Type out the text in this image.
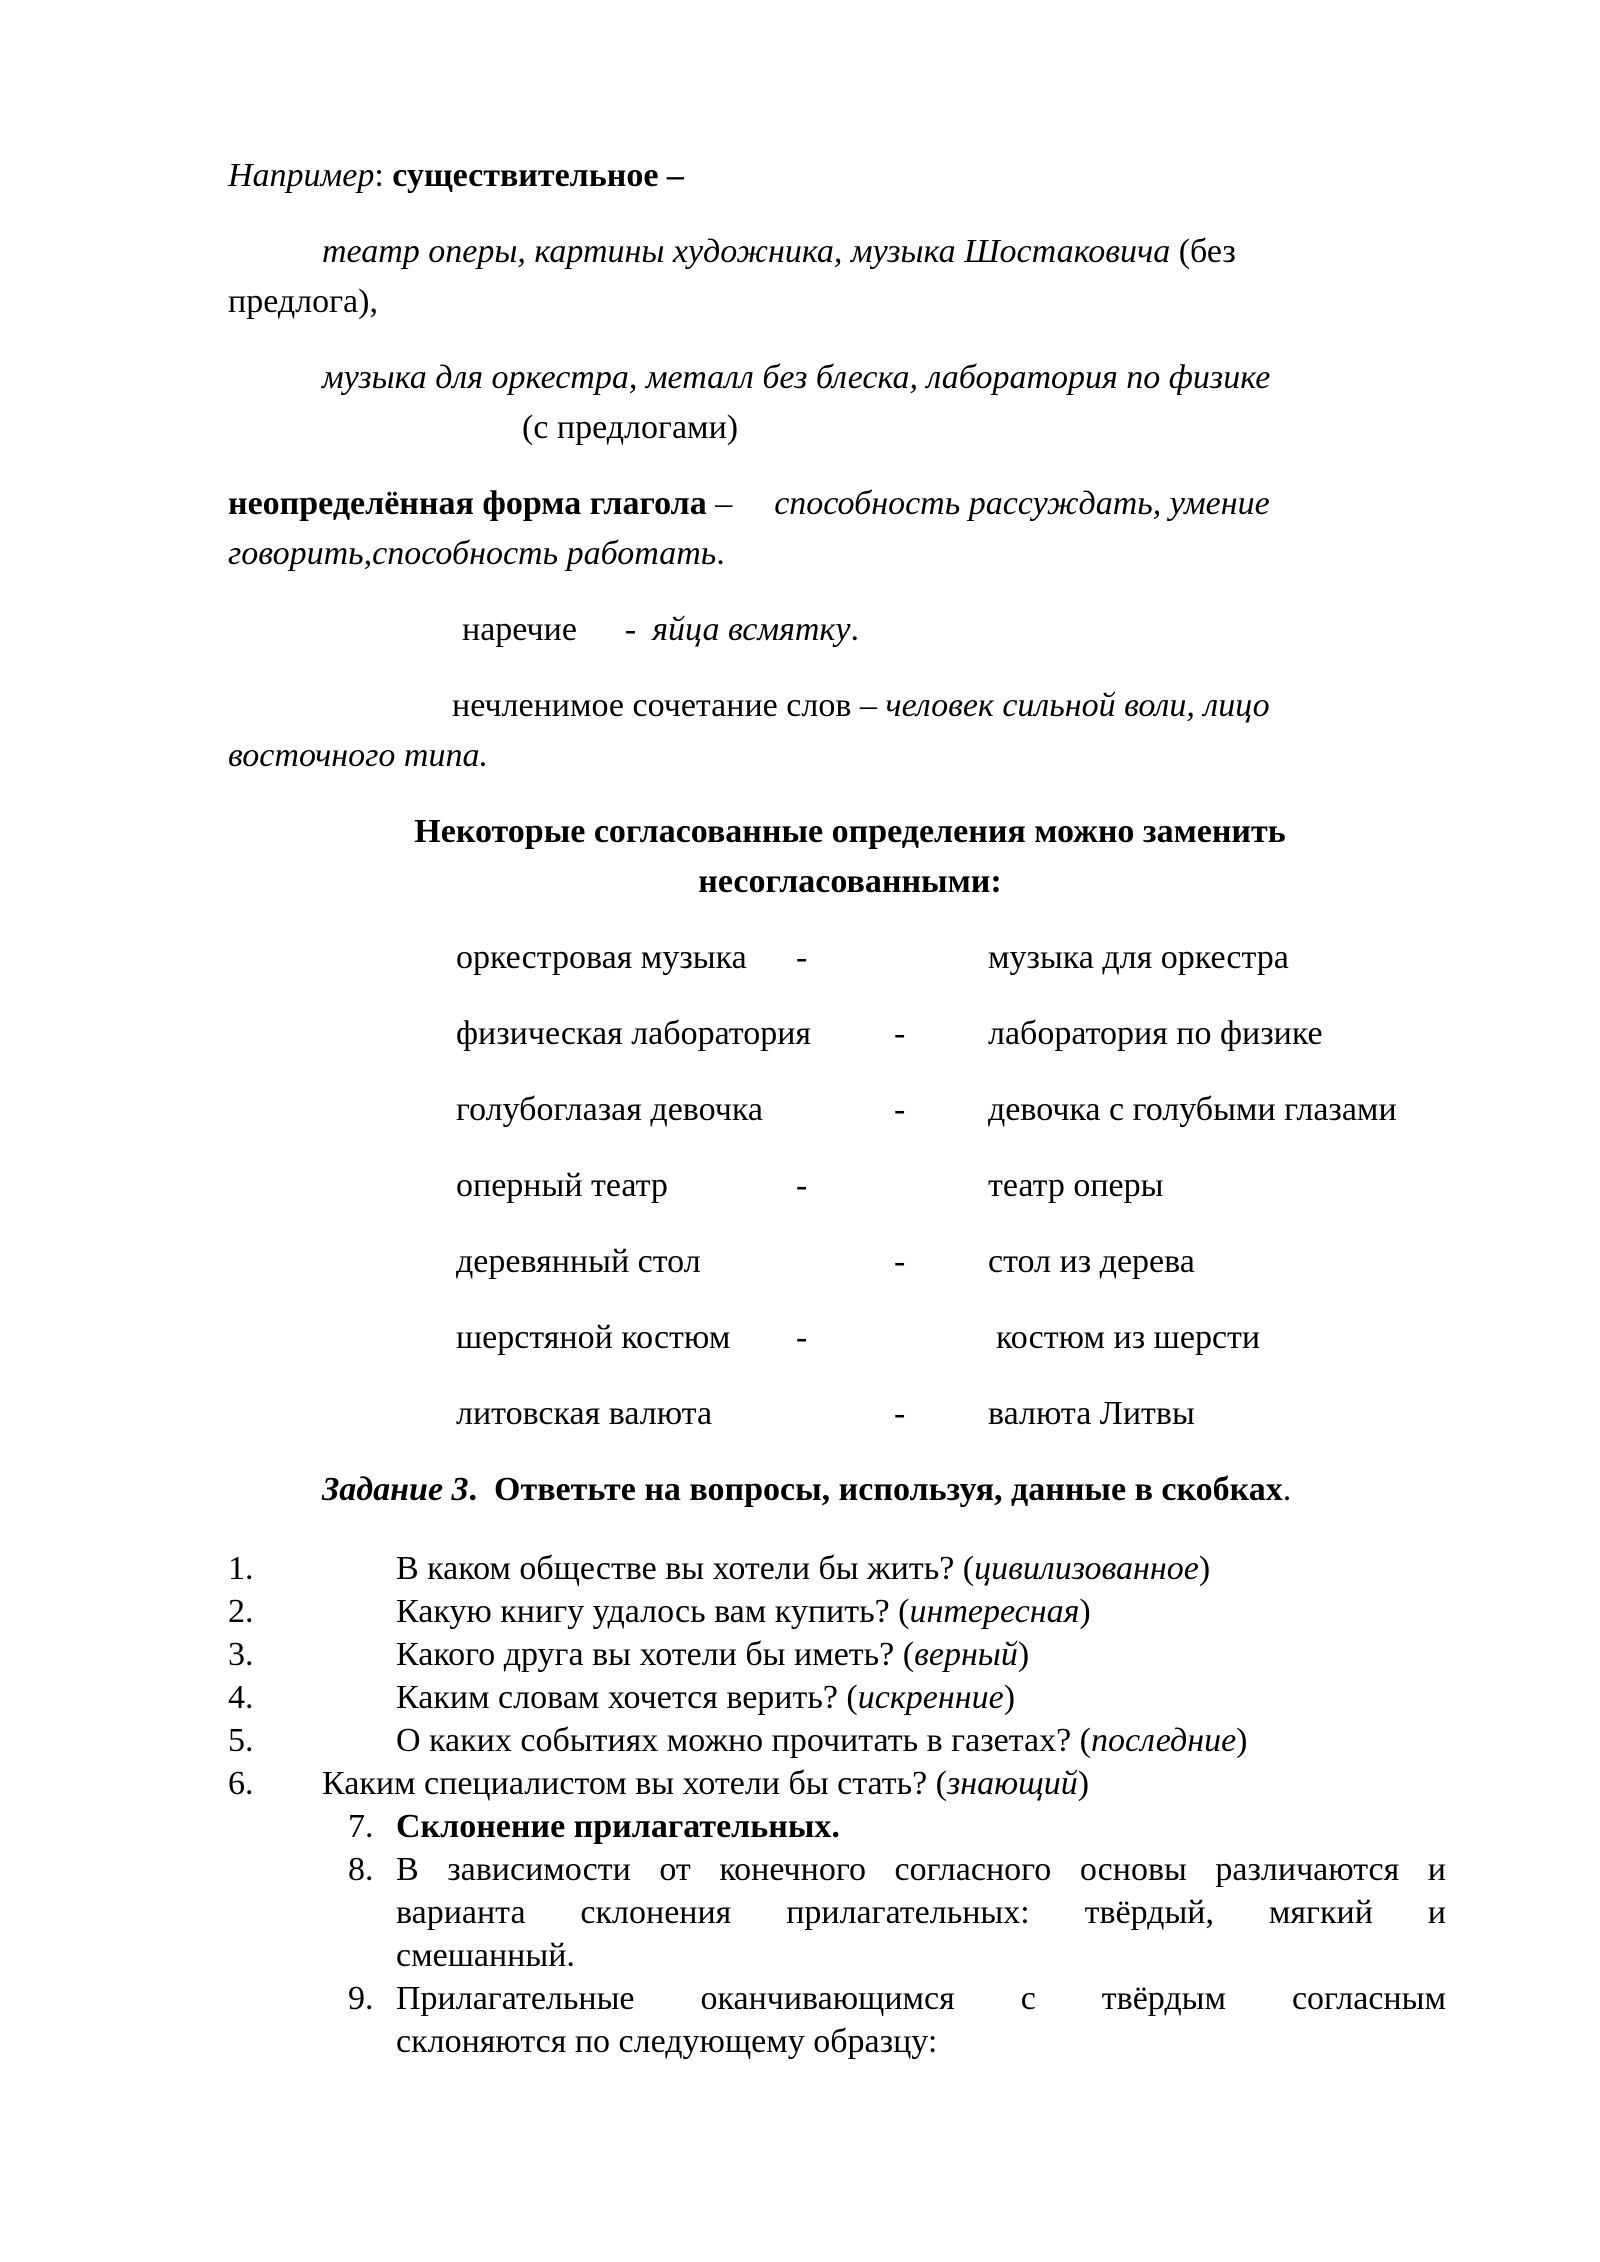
Например: существительное –
театр оперы, картины художника, музыка Шостаковича (без
предлога),
музыка для оркестра, металл без блеска, лаборатория по физике
(с предлогами)
неопределённая форма глагола – способность рассуждать, умение
говорить,способность работать.
наречие - яйца всмятку.
нечленимое сочетание слов – человек сильной воли, лицо
восточного типа.
Некоторые согласованные определения можно заменить
несогласованными:
оркестровая музыка -	музыка для оркестра
физическая лаборатория - лаборатория по физике
голубоглазая девочка	- девочка с голубыми глазами
оперный театр	-	театр оперы
деревянный стол	- стол из дерева
шерстяной костюм -	костюм из шерсти
литовская валюта	- валюта Литвы
Задание 3. Ответьте на вопросы, используя, данные в скобках.
1.	В каком обществе вы хотели бы жить? (цивилизованное)
2.	Какую книгу удалось вам купить? (интересная)
3.	Какого друга вы хотели бы иметь? (верный)
4.	Каким словам хочется верить? (искренние)
5.	О каких событиях можно прочитать в газетах? (последние)
6. Каким специалистом вы хотели бы стать? (знающий)
7. Склонение прилагательных.
8. В зависимости от конечного согласного основы различаются и
варианта склонения прилагательных: твёрдый, мягкий и
смешанный.
9. Прилагательные оканчивающимся с твёрдым согласным
склоняются по следующему образцу:
